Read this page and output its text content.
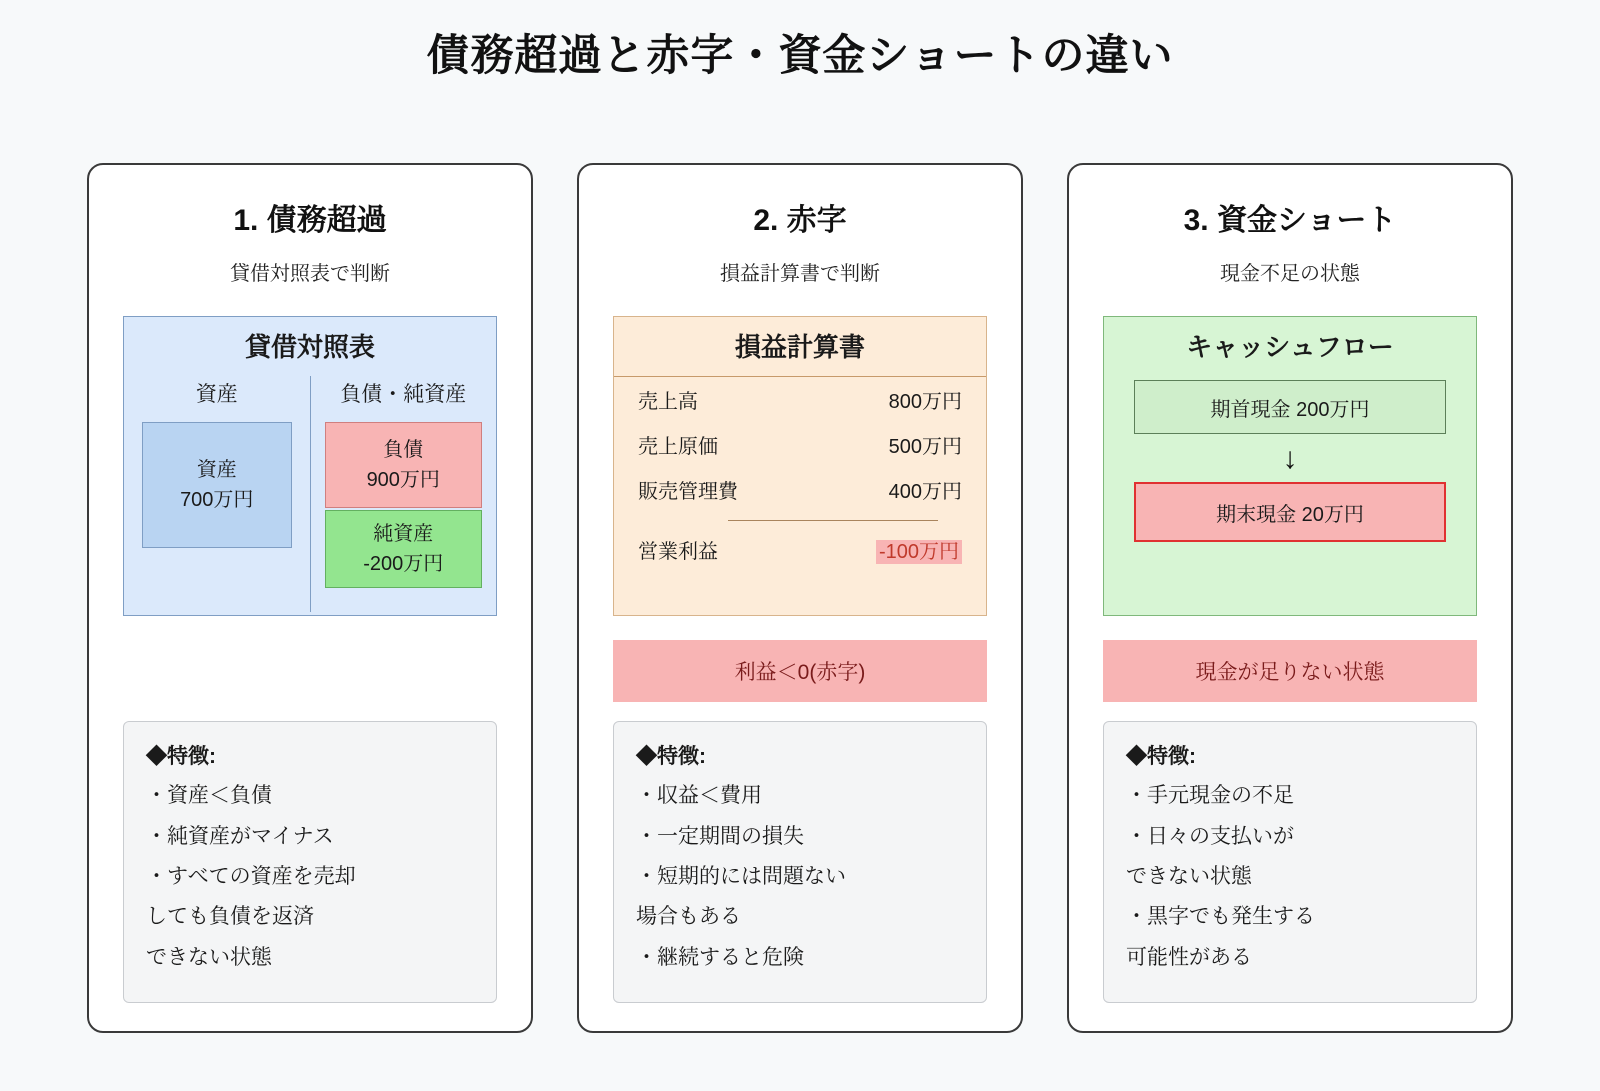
債務超過と赤字・資金ショートの違い
1. 債務超過
貸借対照表で判断
貸借対照表
資産
資産
700万円
負債・純資産
負債
900万円
純資産
-200万円
◆特徴:

・資産＜負債

・純資産がマイナス

・すべての資産を売却

しても負債を返済

できない状態

2. 赤字
損益計算書で判断
損益計算書
売上高	800万円
売上原価	500万円
販売管理費	400万円
営業利益	-100万円
利益＜0(赤字)
◆特徴:

・収益＜費用

・一定期間の損失

・短期的には問題ない

場合もある

・継続すると危険

3. 資金ショート
現金不足の状態
キャッシュフロー
期首現金 200万円
↓
期末現金 20万円
現金が足りない状態
◆特徴:

・手元現金の不足

・日々の支払いが

できない状態

・黒字でも発生する

可能性がある
